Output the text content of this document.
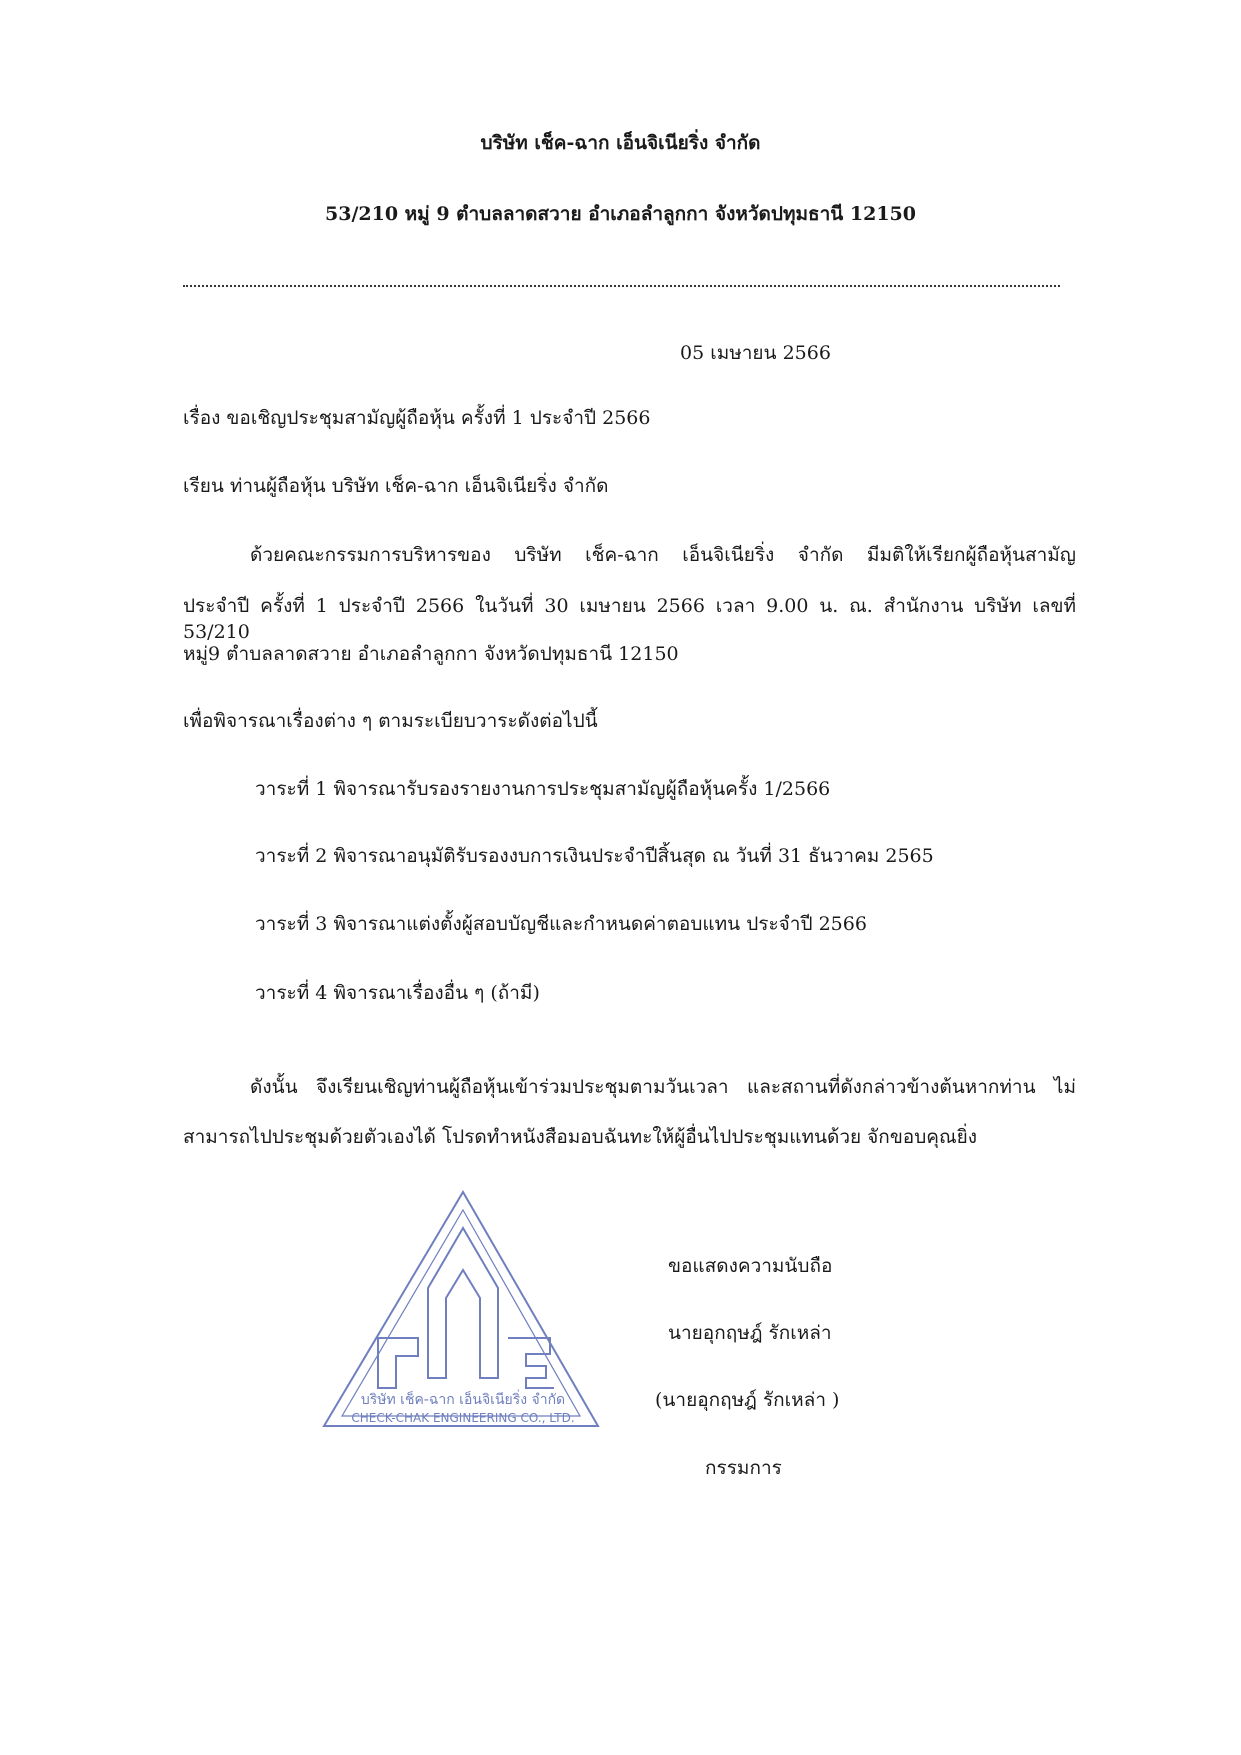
บริษัท เช็ค-ฉาก เอ็นจิเนียริ่ง จำกัด
53/210 หมู่ 9 ตำบลลาดสวาย อำเภอลำลูกกา จังหวัดปทุมธานี 12150
05 เมษายน 2566
เรื่อง ขอเชิญประชุมสามัญผู้ถือหุ้น ครั้งที่ 1 ประจำปี 2566
เรียน ท่านผู้ถือหุ้น บริษัท เช็ค-ฉาก เอ็นจิเนียริ่ง จำกัด
ด้วยคณะกรรมการบริหารของ บริษัท เช็ค-ฉาก เอ็นจิเนียริ่ง จำกัด มีมติให้เรียกผู้ถือหุ้นสามัญ
ประจำปี ครั้งที่ 1 ประจำปี 2566 ในวันที่ 30 เมษายน 2566 เวลา 9.00 น. ณ. สำนักงาน บริษัท เลขที่ 53/210
หมู่9 ตำบลลาดสวาย อำเภอลำลูกกา จังหวัดปทุมธานี 12150
เพื่อพิจารณาเรื่องต่าง ๆ ตามระเบียบวาระดังต่อไปนี้
วาระที่ 1 พิจารณารับรองรายงานการประชุมสามัญผู้ถือหุ้นครั้ง 1/2566
วาระที่ 2 พิจารณาอนุมัติรับรองงบการเงินประจำปีสิ้นสุด ณ วันที่ 31 ธันวาคม 2565
วาระที่ 3 พิจารณาแต่งตั้งผู้สอบบัญชีและกำหนดค่าตอบแทน ประจำปี 2566
วาระที่ 4 พิจารณาเรื่องอื่น ๆ (ถ้ามี)
ดังนั้น จึงเรียนเชิญท่านผู้ถือหุ้นเข้าร่วมประชุมตามวันเวลา และสถานที่ดังกล่าวข้างต้นหากท่าน ไม่
สามารถไปประชุมด้วยตัวเองได้ โปรดทำหนังสือมอบฉันทะให้ผู้อื่นไปประชุมแทนด้วย จักขอบคุณยิ่ง
บริษัท เช็ค-ฉาก เอ็นจิเนียริ่ง จำกัด
CHECK-CHAK ENGINEERING CO., LTD.
ขอแสดงความนับถือ
นายอุกฤษฎ์ รักเหล่า
(นายอุกฤษฎ์ รักเหล่า )
กรรมการ
